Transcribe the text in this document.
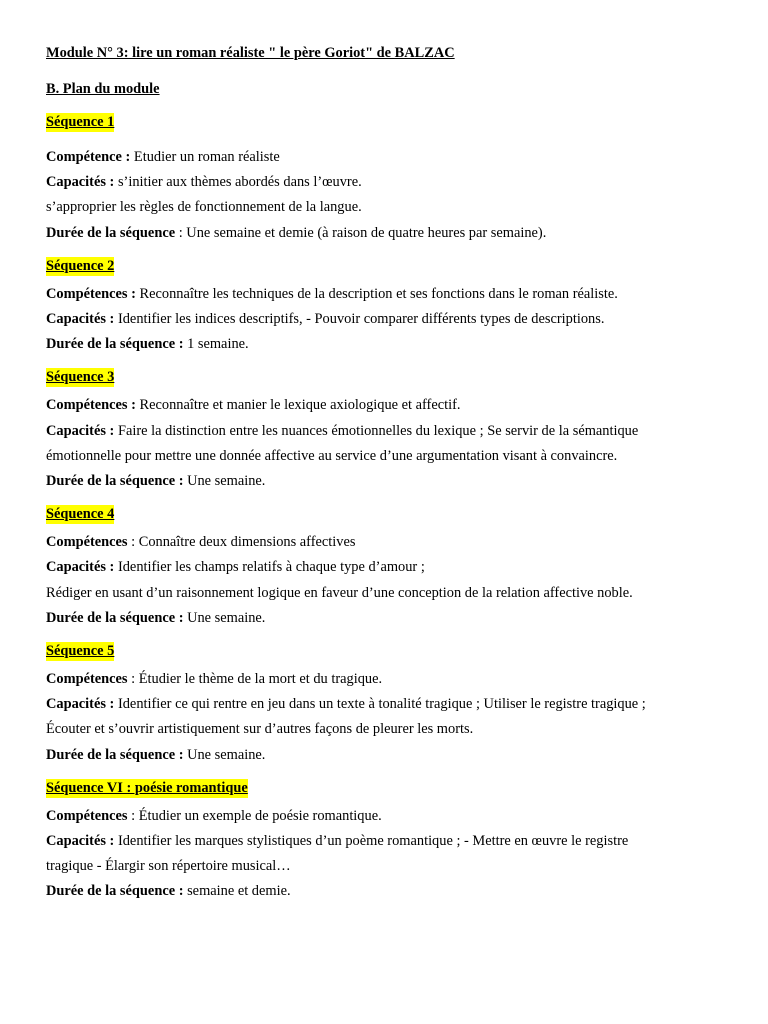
Module N° 3: lire un roman réaliste " le père Goriot" de BALZAC
B. Plan du module
Séquence 1
Compétence : Etudier un roman réaliste
Capacités : s’initier aux thèmes abordés dans l’œuvre.
s’approprier les règles de fonctionnement de la langue.
Durée de la séquence : Une semaine et demie (à raison de quatre heures par semaine).
Séquence 2
Compétences : Reconnaître les techniques de la description et ses fonctions dans le roman réaliste.
Capacités : Identifier les indices descriptifs, - Pouvoir comparer différents types de descriptions.
Durée de la séquence : 1 semaine.
Séquence 3
Compétences : Reconnaître et manier le lexique axiologique et affectif.
Capacités : Faire la distinction entre les nuances émotionnelles du lexique ; Se servir de la sémantique
émotionnelle pour mettre une donnée affective au service d’une argumentation visant à convaincre.
Durée de la séquence : Une semaine.
Séquence 4
Compétences : Connaître deux dimensions affectives
Capacités : Identifier les champs relatifs à chaque type d’amour ;
Rédiger en usant d’un raisonnement logique en faveur d’une conception de la relation affective noble.
Durée de la séquence : Une semaine.
Séquence 5
Compétences : Étudier le thème de la mort et du tragique.
Capacités : Identifier ce qui rentre en jeu dans un texte à tonalité tragique ; Utiliser le registre tragique ;
Écouter et s’ouvrir artistiquement sur d’autres façons de pleurer les morts.
Durée de la séquence : Une semaine.
Séquence VI : poésie romantique
Compétences : Étudier un exemple de poésie romantique.
Capacités : Identifier les marques stylistiques d’un poème romantique ; - Mettre en œuvre le registre
tragique - Élargir son répertoire musical…
Durée de la séquence : semaine et demie.
